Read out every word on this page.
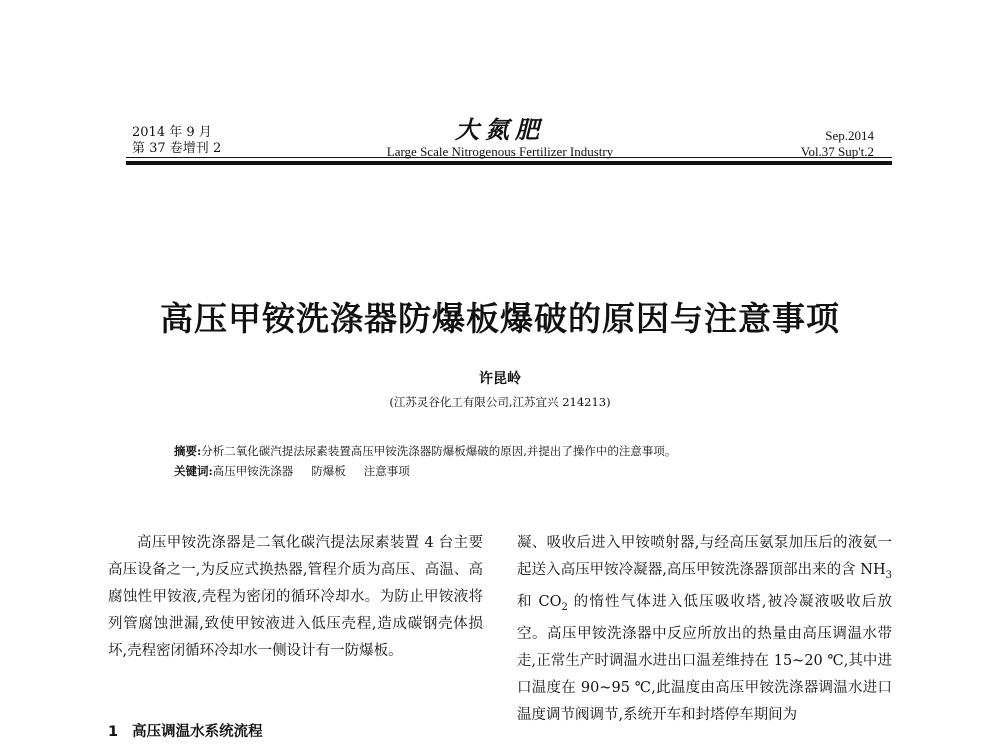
2014 年 9 月
第 37 卷增刊 2
大氮肥
Large Scale Nitrogenous Fertilizer Industry
Sep.2014
Vol.37 Sup't.2
高压甲铵洗涤器防爆板爆破的原因与注意事项
许昆岭
(江苏灵谷化工有限公司,江苏宜兴 214213)
摘要:分析二氧化碳汽提法尿素装置高压甲铵洗涤器防爆板爆破的原因,并提出了操作中的注意事项。
关键词:高压甲铵洗涤器 防爆板 注意事项

高压甲铵洗涤器是二氧化碳汽提法尿素装置 4 台主要高压设备之一,为反应式换热器,管程介质为高压、高温、高腐蚀性甲铵液,壳程为密闭的循环冷却水。为防止甲铵液将列管腐蚀泄漏,致使甲铵液进入低压壳程,造成碳钢壳体损坏,壳程密闭循环冷却水一侧设计有一防爆板。

1 高压调温水系统流程

凝、吸收后进入甲铵喷射器,与经高压氨泵加压后的液氨一起送入高压甲铵冷凝器,高压甲铵洗涤器顶部出来的含 $NH_3$ 和 $CO_2$ 的惰性气体进入低压吸收塔,被冷凝液吸收后放空。高压甲铵洗涤器中反应所放出的热量由高压调温水带走,正常生产时调温水进出口温差维持在 15~20 ℃,其中进口温度在 90~95 ℃,此温度由高压甲铵洗涤器调温水进口温度调节阀调节,系统开车和封塔停车期间为
